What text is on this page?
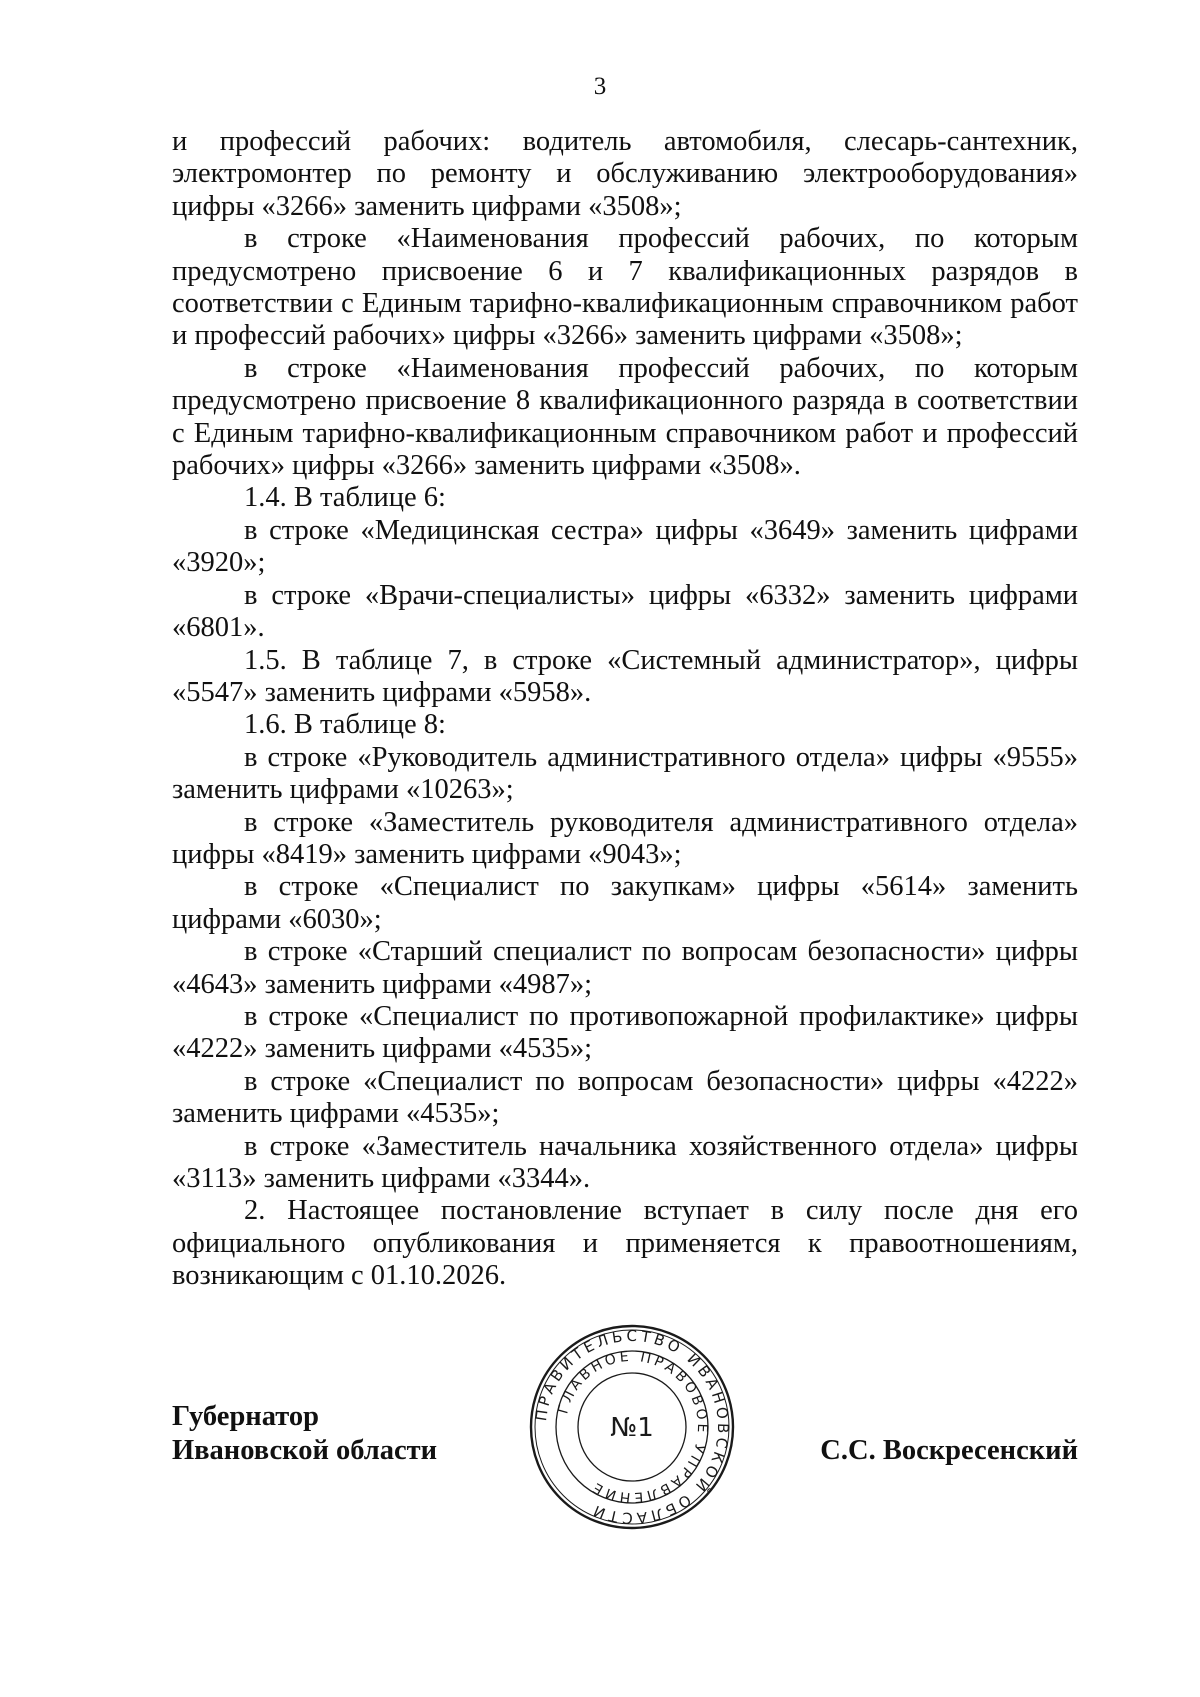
3

и профессий рабочих: водитель автомобиля, слесарь-сантехник, электромонтер по ремонту и обслуживанию электрооборудования» цифры «3266» заменить цифрами «3508»;

в строке «Наименования профессий рабочих, по которым предусмотрено присвоение 6 и 7 квалификационных разрядов в соответствии с Единым тарифно-квалификационным справочником работ и профессий рабочих» цифры «3266» заменить цифрами «3508»;

в строке «Наименования профессий рабочих, по которым предусмотрено присвоение 8 квалификационного разряда в соответствии с Единым тарифно-квалификационным справочником работ и профессий рабочих» цифры «3266» заменить цифрами «3508».

1.4. В таблице 6:

в строке «Медицинская сестра» цифры «3649» заменить цифрами «3920»;

в строке «Врачи-специалисты» цифры «6332» заменить цифрами «6801».

1.5. В таблице 7, в строке «Системный администратор», цифры «5547» заменить цифрами «5958».

1.6. В таблице 8:

в строке «Руководитель административного отдела» цифры «9555» заменить цифрами «10263»;

в строке «Заместитель руководителя административного отдела» цифры «8419» заменить цифрами «9043»;

в строке «Специалист по закупкам» цифры «5614» заменить цифрами «6030»;

в строке «Старший специалист по вопросам безопасности» цифры «4643» заменить цифрами «4987»;

в строке «Специалист по противопожарной профилактике» цифры «4222» заменить цифрами «4535»;

в строке «Специалист по вопросам безопасности» цифры «4222» заменить цифрами «4535»;

в строке «Заместитель начальника хозяйственного отдела» цифры «3113» заменить цифрами «3344».

2. Настоящее постановление вступает в силу после дня его официального опубликования и применяется к правоотношениям, возникающим с 01.10.2026.

Губернатор
Ивановской области	С.С. Воскресенский
ПРАВИТЕЛЬСТВО ИВАНОВСКОЙ ОБЛАСТИ
ГЛАВНОЕ ПРАВОВОЕ УПРАВЛЕНИЕ
№1
